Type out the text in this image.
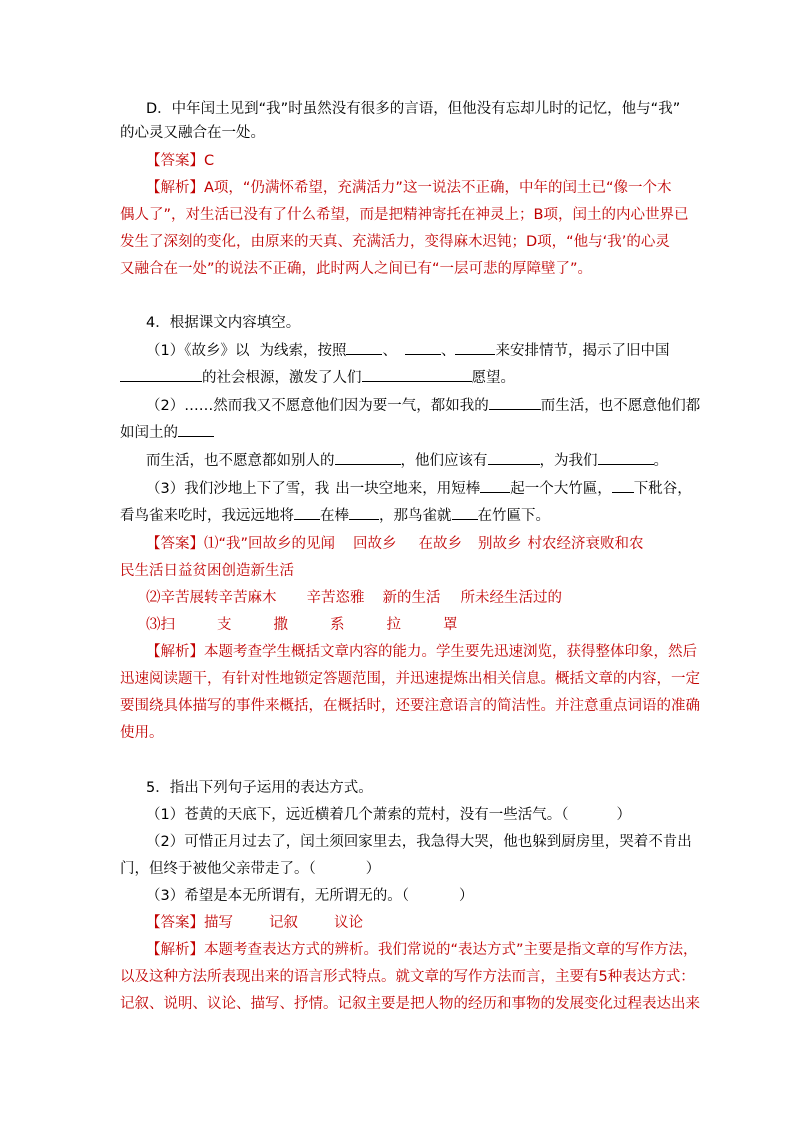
D．中年闰土见到“我”时虽然没有很多的言语，但他没有忘却儿时的记忆，他与“我”
的心灵又融合在一处。
【答案】C
【解析】A项，“仍满怀希望，充满活力”这一说法不正确，中年的闰土已“像一个木
偶人了”，对生活已没有了什么希望，而是把精神寄托在神灵上；B项，闰土的内心世界已
发生了深刻的变化，由原来的天真、充满活力，变得麻木迟钝；D项，“他与‘我’的心灵
又融合在一处”的说法不正确，此时两人之间已有“一层可悲的厚障壁了”。
4．根据课文内容填空。
（1）《故乡》以 为线索，按照 、	、	来安排情节，揭示了旧中国
的社会根源，激发了人们	愿望。
（2）……然而我又不愿意他们因为要一气，都如我的	而生活，也不愿意他们都
如闰土的
而生活，也不愿意都如别人的	，他们应该有	，为我们	。
（3）我们沙地上下了雪，我 出一块空地来，用短棒 起一个大竹匾， 下秕谷，
看鸟雀来吃时，我远远地将 在棒 ，那鸟雀就 在竹匾下。
【答案】⑴“我”回故乡的见闻 回故乡 在故乡 别故乡 村农经济衰败和农
民生活日益贫困创造新生活
⑵辛苦展转辛苦麻木 辛苦恣雅 新的生活 所未经生活过的
⑶扫	支	撒	系	拉	罩
【解析】本题考查学生概括文章内容的能力。学生要先迅速浏览，获得整体印象，然后
迅速阅读题干，有针对性地锁定答题范围，并迅速提炼出相关信息。概括文章的内容，一定
要围绕具体描写的事件来概括，在概括时，还要注意语言的简洁性。并注意重点词语的准确
使用。
5．指出下列句子运用的表达方式。
（1）苍黄的天底下，远近横着几个萧索的荒村，没有一些活气。（	）
（2）可惜正月过去了，闰土须回家里去，我急得大哭，他也躲到厨房里，哭着不肯出
门，但终于被他父亲带走了。（	）
（3）希望是本无所谓有，无所谓无的。（	）
【答案】描写 记叙 议论
【解析】本题考查表达方式的辨析。我们常说的“表达方式”主要是指文章的写作方法，
以及这种方法所表现出来的语言形式特点。就文章的写作方法而言，主要有5种表达方式：
记叙、说明、议论、描写、抒情。记叙主要是把人物的经历和事物的发展变化过程表达出来
